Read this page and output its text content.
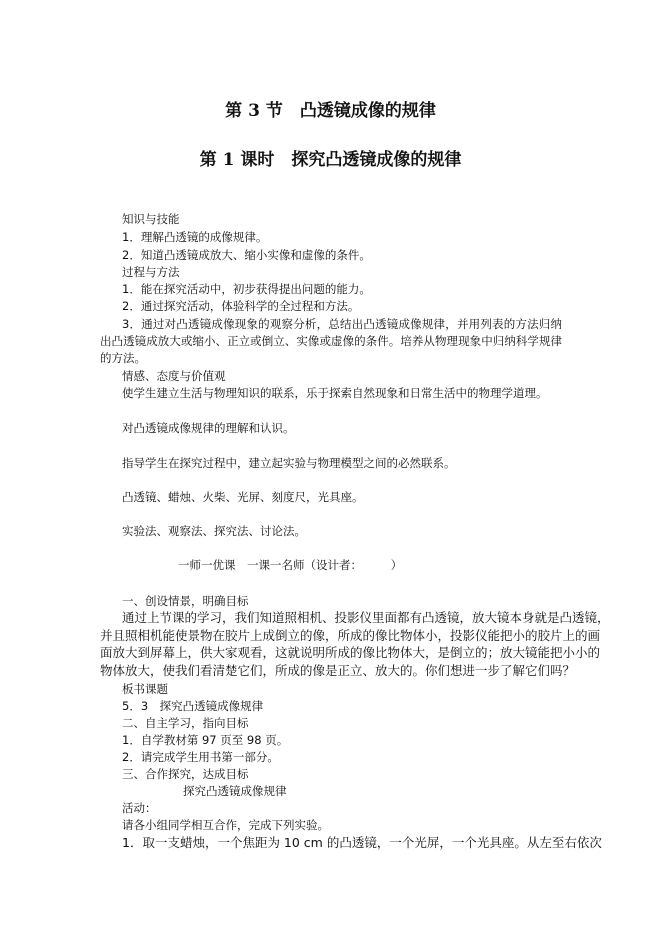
第 3 节　凸透镜成像的规律
第 1 课时　探究凸透镜成像的规律
知识与技能
1．理解凸透镜的成像规律。
2．知道凸透镜成放大、缩小实像和虚像的条件。
过程与方法
1．能在探究活动中，初步获得提出问题的能力。
2．通过探究活动，体验科学的全过程和方法。
3．通过对凸透镜成像现象的观察分析，总结出凸透镜成像规律，并用列表的方法归纳
出凸透镜成放大或缩小、正立或倒立、实像或虚像的条件。培养从物理现象中归纳科学规律
的方法。
情感、态度与价值观
使学生建立生活与物理知识的联系，乐于探索自然现象和日常生活中的物理学道理。
对凸透镜成像规律的理解和认识。
指导学生在探究过程中，建立起实验与物理模型之间的必然联系。
凸透镜、蜡烛、火柴、光屏、刻度尺，光具座。
实验法、观察法、探究法、讨论法。
一师一优课　一课一名师（设计者：　　　）
一、创设情景，明确目标
通过上节课的学习，我们知道照相机、投影仪里面都有凸透镜，放大镜本身就是凸透镜，
并且照相机能使景物在胶片上成倒立的像，所成的像比物体小，投影仪能把小的胶片上的画
面放大到屏幕上，供大家观看，这就说明所成的像比物体大，是倒立的；放大镜能把小小的
物体放大，使我们看清楚它们，所成的像是正立、放大的。你们想进一步了解它们吗？
板书课题
5．3　探究凸透镜成像规律
二、自主学习，指向目标
1．自学教材第 97 页至 98 页。
2．请完成学生用书第一部分。
三、合作探究，达成目标
探究凸透镜成像规律
活动：
请各小组同学相互合作，完成下列实验。
1．取一支蜡烛，一个焦距为 10 cm 的凸透镜，一个光屏，一个光具座。从左至右依次
